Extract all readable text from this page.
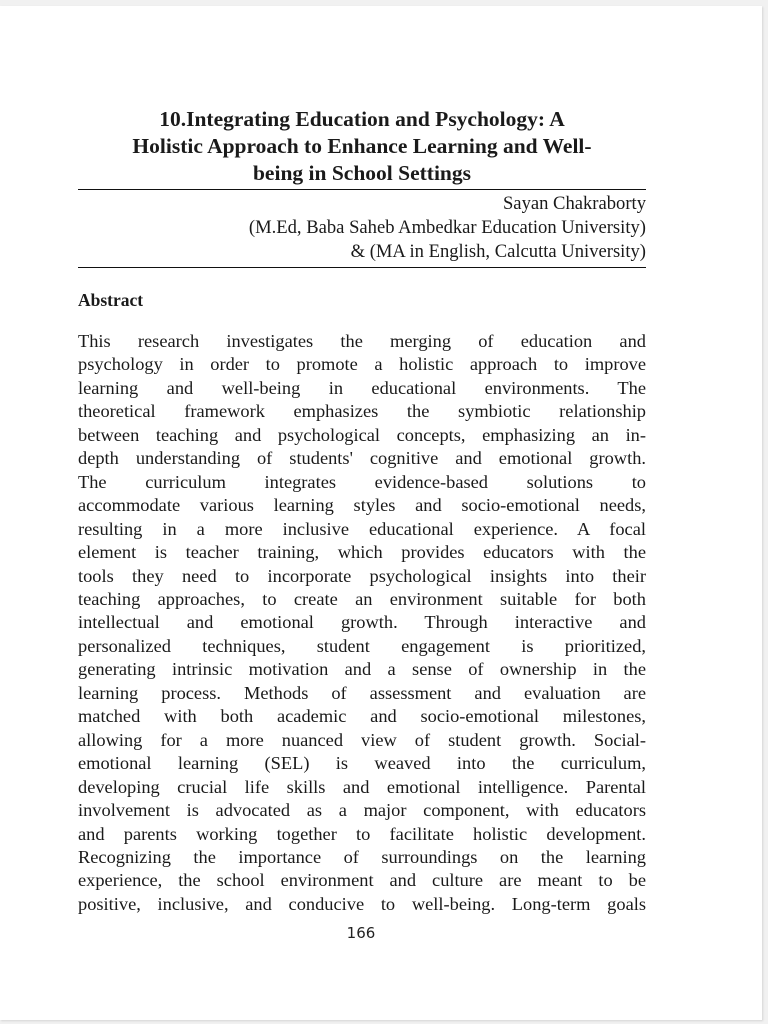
10.Integrating Education and Psychology: A
Holistic Approach to Enhance Learning and Well-
being in School Settings
Sayan Chakraborty
(M.Ed, Baba Saheb Ambedkar Education University)
& (MA in English, Calcutta University)
Abstract
This research investigates the merging of education and
psychology in order to promote a holistic approach to improve
learning and well-being in educational environments. The
theoretical framework emphasizes the symbiotic relationship
between teaching and psychological concepts, emphasizing an in-
depth understanding of students' cognitive and emotional growth.
The curriculum integrates evidence-based solutions to
accommodate various learning styles and socio-emotional needs,
resulting in a more inclusive educational experience. A focal
element is teacher training, which provides educators with the
tools they need to incorporate psychological insights into their
teaching approaches, to create an environment suitable for both
intellectual and emotional growth. Through interactive and
personalized techniques, student engagement is prioritized,
generating intrinsic motivation and a sense of ownership in the
learning process. Methods of assessment and evaluation are
matched with both academic and socio-emotional milestones,
allowing for a more nuanced view of student growth. Social-
emotional learning (SEL) is weaved into the curriculum,
developing crucial life skills and emotional intelligence. Parental
involvement is advocated as a major component, with educators
and parents working together to facilitate holistic development.
Recognizing the importance of surroundings on the learning
experience, the school environment and culture are meant to be
positive, inclusive, and conducive to well-being. Long-term goals
166
